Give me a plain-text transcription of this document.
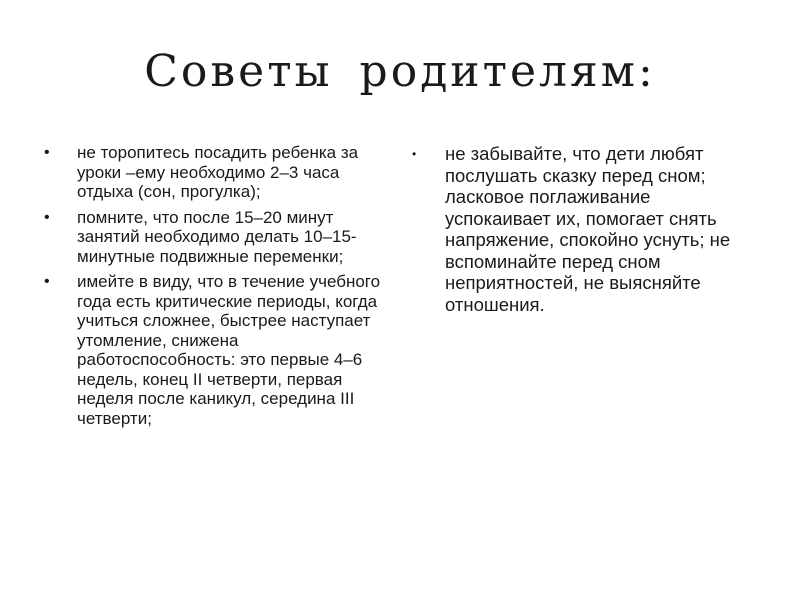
Советы родителям:
• не торопитесь посадить ребенка за уроки –ему необходимо 2–3 часа отдыха (сон, прогулка);
• помните, что после 15–20 минут занятий необходимо делать 10–15-минутные подвижные переменки;
• имейте в виду, что в течение учебного года есть критические периоды, когда учиться сложнее, быстрее наступает утомление, снижена работоспособность: это первые 4–6 недель, конец II четверти, первая неделя после каникул, середина III четверти;
• не забывайте, что дети любят послушать сказку перед сном; ласковое поглаживание успокаивает их, помогает снять напряжение, спокойно уснуть; не вспоминайте перед сном неприятностей, не выясняйте отношения.
